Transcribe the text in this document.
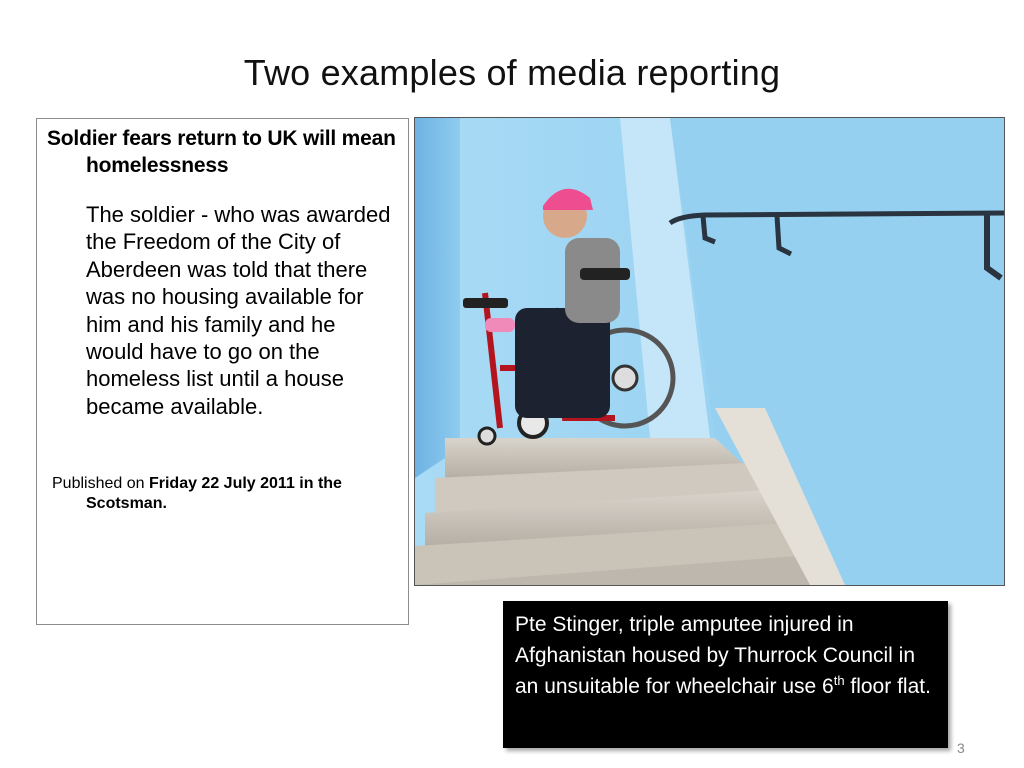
Two examples of media reporting
Soldier fears return to UK will mean homelessness
The soldier - who was awarded the Freedom of the City of Aberdeen was told that there was no housing available for him and his family and he would have to go on the homeless list until a house became available.
Published on Friday 22 July 2011 in the Scotsman.
Pte Stinger, triple amputee injured in Afghanistan housed by Thurrock Council in an unsuitable for wheelchair use 6th floor flat.
3
